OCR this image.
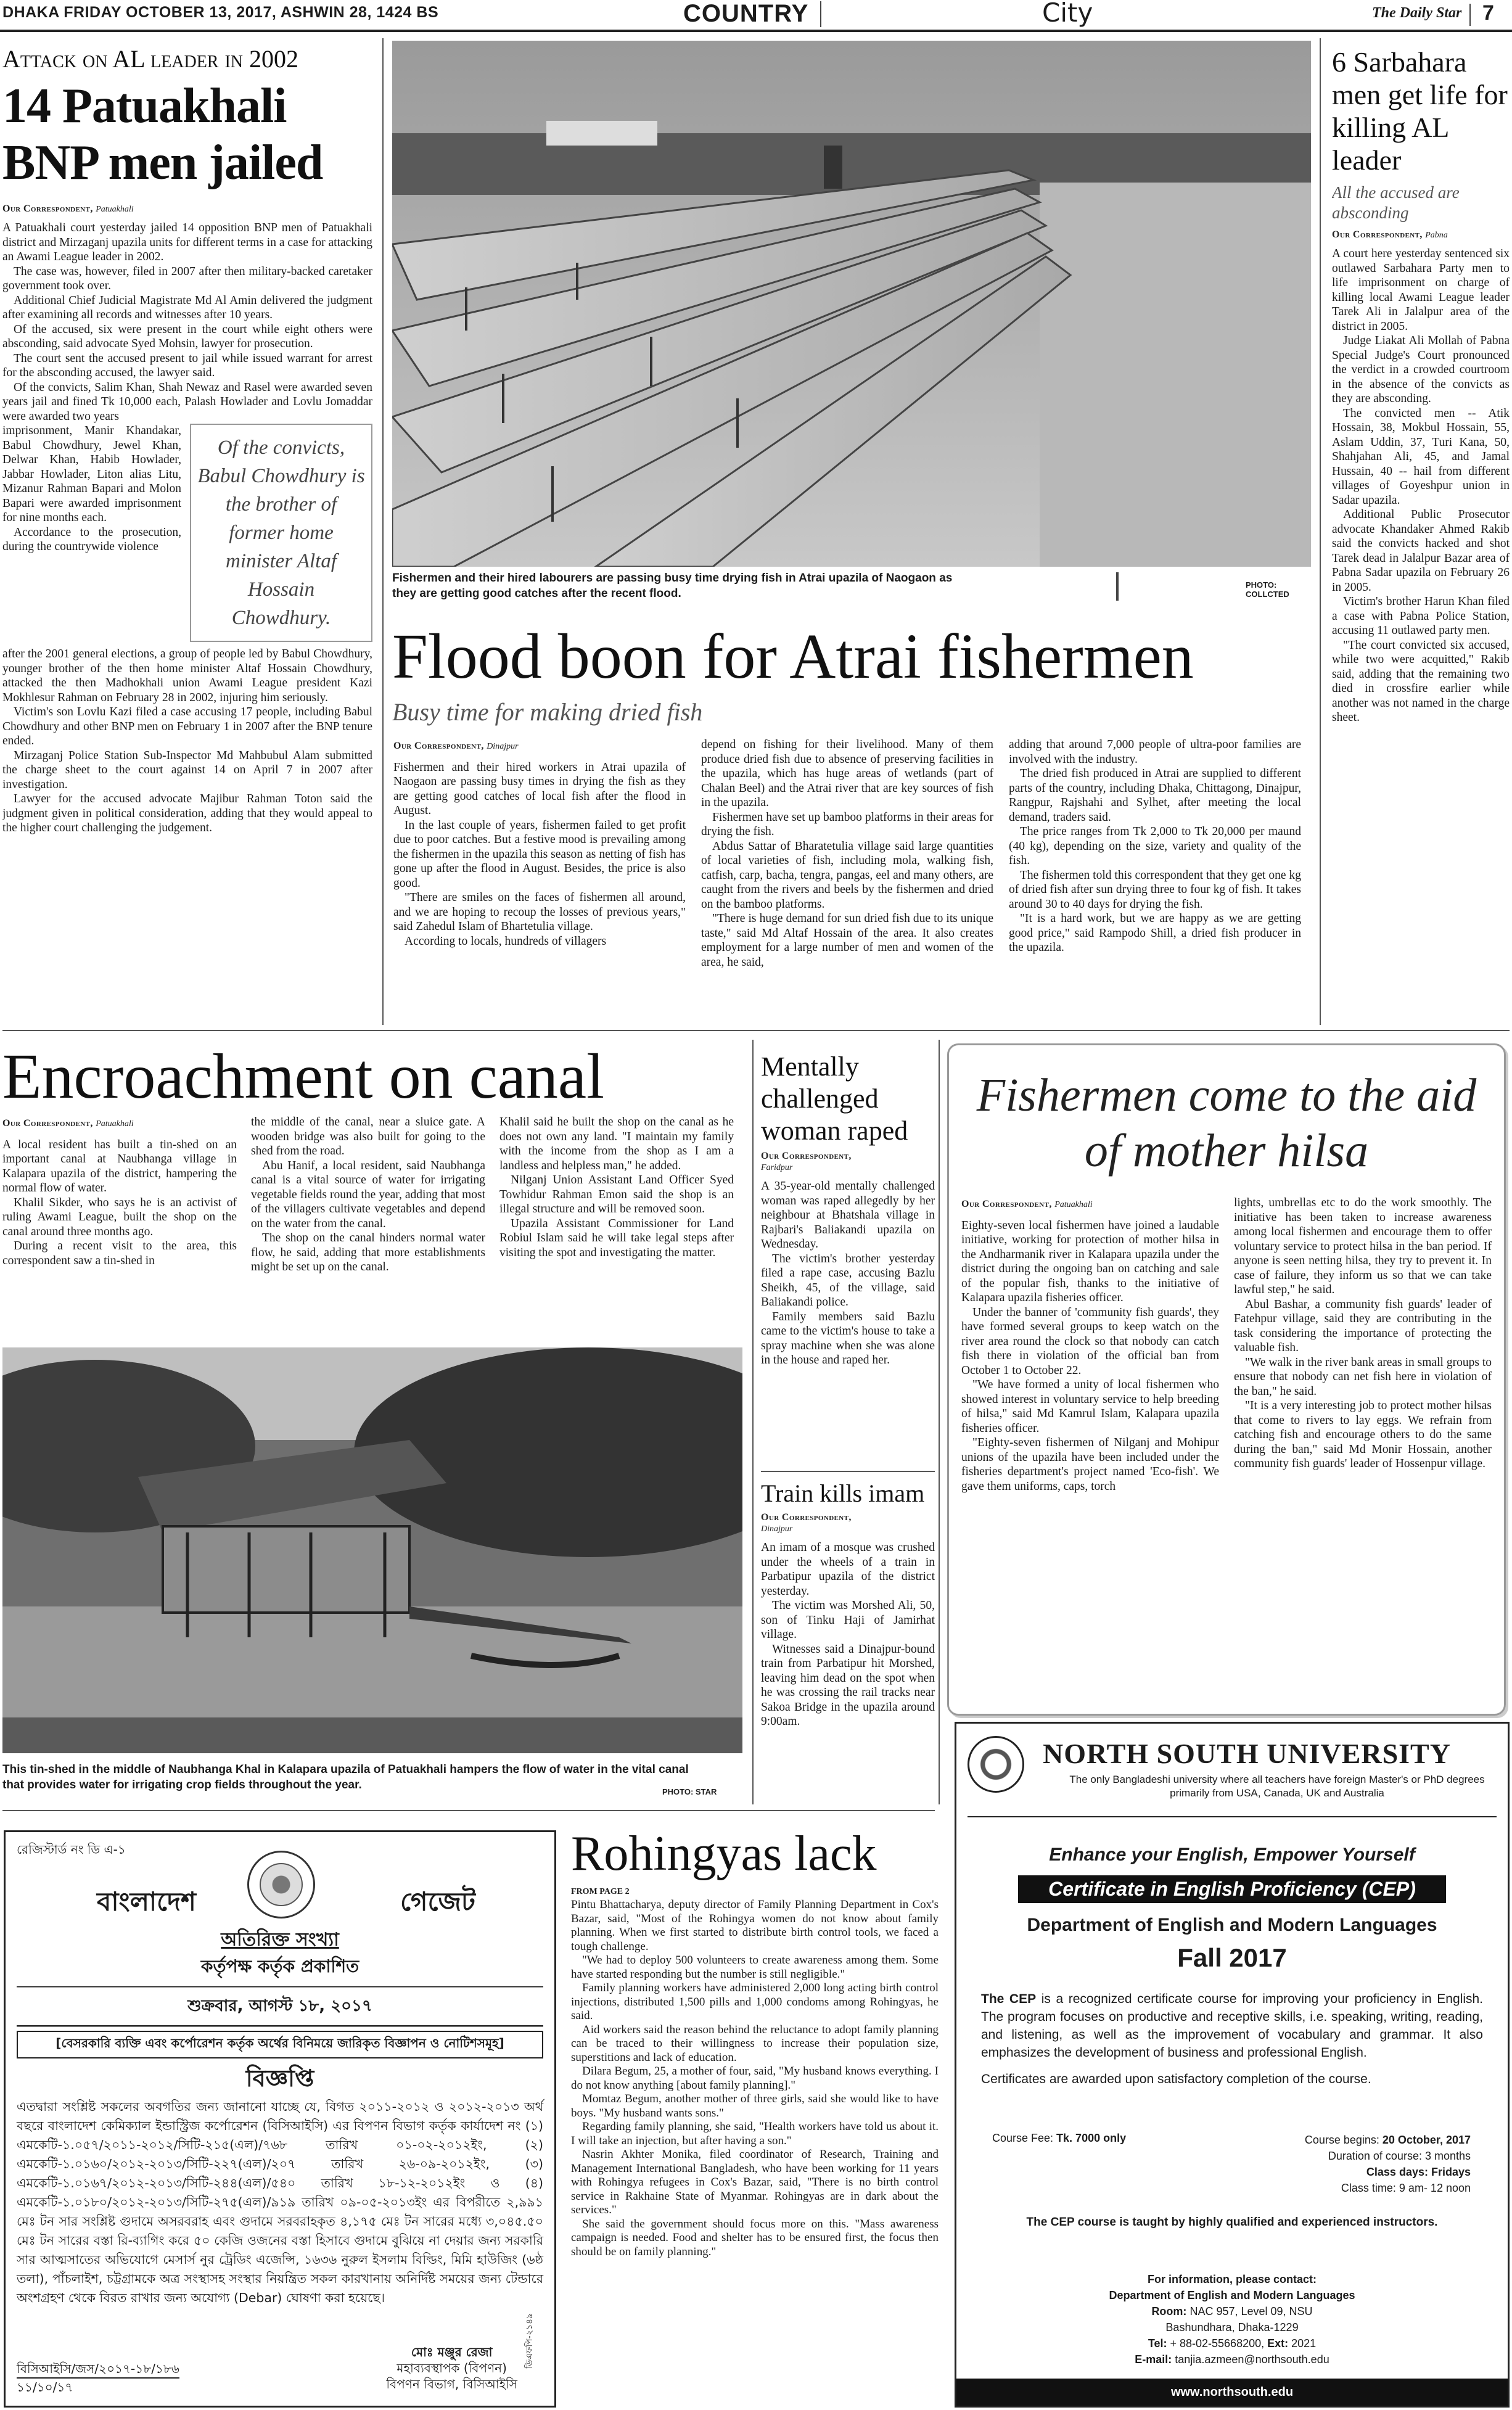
DHAKA FRIDAY OCTOBER 13, 2017, ASHWIN 28, 1424 BS	COUNTRY	City	The Daily Star 7
Attack on AL leader in 2002
14 Patuakhali BNP men jailed
Our Correspondent, Patuakhali

A Patuakhali court yesterday jailed 14 opposition BNP men of Patuakhali district and Mirzaganj upazila units for different terms in a case for attacking an Awami League leader in 2002.

The case was, however, filed in 2007 after then military-backed caretaker government took over.

Additional Chief Judicial Magistrate Md Al Amin delivered the judgment after examining all records and witnesses after 10 years.

Of the accused, six were present in the court while eight others were absconding, said advocate Syed Mohsin, lawyer for prosecution.

The court sent the accused present to jail while issued warrant for arrest for the absconding accused, the lawyer said.

Of the convicts, Salim Khan, Shah Newaz and Rasel were awarded seven years jail and fined Tk 10,000 each, Palash Howlader and Lovlu Jomaddar were awarded two years

imprisonment, Manir Khandakar, Babul Chowdhury, Jewel Khan, Delwar Khan, Habib Howlader, Jabbar Howlader, Liton alias Litu, Mizanur Rahman Bapari and Molon Bapari were awarded imprisonment for nine months each.

Accordance to the prosecution, during the countrywide violence

Of the convicts, Babul Chowdhury is the brother of former home minister Altaf Hossain Chowdhury.

after the 2001 general elections, a group of people led by Babul Chowdhury, younger brother of the then home minister Altaf Hossain Chowdhury, attacked the then Madhokhali union Awami League president Kazi Mokhlesur Rahman on February 28 in 2002, injuring him seriously.

Victim's son Lovlu Kazi filed a case accusing 17 people, including Babul Chowdhury and other BNP men on February 1 in 2007 after the BNP tenure ended.

Mirzaganj Police Station Sub-Inspector Md Mahbubul Alam submitted the charge sheet to the court against 14 on April 7 in 2007 after investigation.

Lawyer for the accused advocate Majibur Rahman Toton said the judgment given in political consideration, adding that they would appeal to the higher court challenging the judgement.

Fishermen and their hired labourers are passing busy time drying fish in Atrai upazila of Naogaon as they are getting good catches after the recent flood.
PHOTO: COLLCTED
Flood boon for Atrai fishermen
Busy time for making dried fish
Our Correspondent, Dinajpur

Fishermen and their hired workers in Atrai upazila of Naogaon are passing busy times in drying the fish as they are getting good catches of local fish after the flood in August.

In the last couple of years, fishermen failed to get profit due to poor catches. But a festive mood is prevailing among the fishermen in the upazila this season as netting of fish has gone up after the flood in August. Besides, the price is also good.

"There are smiles on the faces of fishermen all around, and we are hoping to recoup the losses of previous years," said Zahedul Islam of Bhartetulia village.

According to locals, hundreds of villagers

depend on fishing for their livelihood. Many of them produce dried fish due to absence of preserving facilities in the upazila, which has huge areas of wetlands (part of Chalan Beel) and the Atrai river that are key sources of fish in the upazila.

Fishermen have set up bamboo platforms in their areas for drying the fish.

Abdus Sattar of Bharatetulia village said large quantities of local varieties of fish, including mola, walking fish, catfish, carp, bacha, tengra, pangas, eel and many others, are caught from the rivers and beels by the fishermen and dried on the bamboo platforms.

"There is huge demand for sun dried fish due to its unique taste," said Md Altaf Hossain of the area. It also creates employment for a large number of men and women of the area, he said,

adding that around 7,000 people of ultra-poor families are involved with the industry.

The dried fish produced in Atrai are supplied to different parts of the country, including Dhaka, Chittagong, Dinajpur, Rangpur, Rajshahi and Sylhet, after meeting the local demand, traders said.

The price ranges from Tk 2,000 to Tk 20,000 per maund (40 kg), depending on the size, variety and quality of the fish.

The fishermen told this correspondent that they get one kg of dried fish after sun drying three to four kg of fish. It takes around 30 to 40 days for drying the fish.

"It is a hard work, but we are happy as we are getting good price," said Rampodo Shill, a dried fish producer in the upazila.

6 Sarbahara men get life for killing AL leader
All the accused are absconding
Our Correspondent, Pabna

A court here yesterday sentenced six outlawed Sarbahara Party men to life imprisonment on charge of killing local Awami League leader Tarek Ali in Jalalpur area of the district in 2005.

Judge Liakat Ali Mollah of Pabna Special Judge's Court pronounced the verdict in a crowded courtroom in the absence of the convicts as they are absconding.

The convicted men -- Atik Hossain, 38, Mokbul Hossain, 55, Aslam Uddin, 37, Turi Kana, 50, Shahjahan Ali, 45, and Jamal Hussain, 40 -- hail from different villages of Goyeshpur union in Sadar upazila.

Additional Public Prosecutor advocate Khandaker Ahmed Rakib said the convicts hacked and shot Tarek dead in Jalalpur Bazar area of Pabna Sadar upazila on February 26 in 2005.

Victim's brother Harun Khan filed a case with Pabna Police Station, accusing 11 outlawed party men.

"The court convicted six accused, while two were acquitted," Rakib said, adding that the remaining two died in crossfire earlier while another was not named in the charge sheet.

Encroachment on canal
Our Correspondent, Patuakhali

A local resident has built a tin-shed on an important canal at Naubhanga village in Kalapara upazila of the district, hampering the normal flow of water.

Khalil Sikder, who says he is an activist of ruling Awami League, built the shop on the canal around three months ago.

During a recent visit to the area, this correspondent saw a tin-shed in

the middle of the canal, near a sluice gate. A wooden bridge was also built for going to the shed from the road.

Abu Hanif, a local resident, said Naubhanga canal is a vital source of water for irrigating vegetable fields round the year, adding that most of the villagers cultivate vegetables and depend on the water from the canal.

The shop on the canal hinders normal water flow, he said, adding that more establishments might be set up on the canal.

Khalil said he built the shop on the canal as he does not own any land. "I maintain my family with the income from the shop as I am a landless and helpless man," he added.

Nilganj Union Assistant Land Officer Syed Towhidur Rahman Emon said the shop is an illegal structure and will be removed soon.

Upazila Assistant Commissioner for Land Robiul Islam said he will take legal steps after visiting the spot and investigating the matter.

This tin-shed in the middle of Naubhanga Khal in Kalapara upazila of Patuakhali hampers the flow of water in the vital canal that provides water for irrigating crop fields throughout the year.
PHOTO: STAR
Mentally challenged woman raped
Our Correspondent,
Faridpur

A 35-year-old mentally challenged woman was raped allegedly by her neighbour at Bhatshala village in Rajbari's Baliakandi upazila on Wednesday.

The victim's brother yesterday filed a rape case, accusing Bazlu Sheikh, 45, of the village, said Baliakandi police.

Family members said Bazlu came to the victim's house to take a spray machine when she was alone in the house and raped her.

Train kills imam
Our Correspondent,
Dinajpur

An imam of a mosque was crushed under the wheels of a train in Parbatipur upazila of the district yesterday.

The victim was Morshed Ali, 50, son of Tinku Haji of Jamirhat village.

Witnesses said a Dinajpur-bound train from Parbatipur hit Morshed, leaving him dead on the spot when he was crossing the rail tracks near Sakoa Bridge in the upazila around 9:00am.

Fishermen come to the aid of mother hilsa
Our Correspondent, Patuakhali

Eighty-seven local fishermen have joined a laudable initiative, working for protection of mother hilsa in the Andharmanik river in Kalapara upazila under the district during the ongoing ban on catching and sale of the popular fish, thanks to the initiative of Kalapara upazila fisheries officer.

Under the banner of 'community fish guards', they have formed several groups to keep watch on the river area round the clock so that nobody can catch fish there in violation of the official ban from October 1 to October 22.

"We have formed a unity of local fishermen who showed interest in voluntary service to help breeding of hilsa," said Md Kamrul Islam, Kalapara upazila fisheries officer.

"Eighty-seven fishermen of Nilganj and Mohipur unions of the upazila have been included under the fisheries department's project named 'Eco-fish'. We gave them uniforms, caps, torch

lights, umbrellas etc to do the work smoothly. The initiative has been taken to increase awareness among local fishermen and encourage them to offer voluntary service to protect hilsa in the ban period. If anyone is seen netting hilsa, they try to prevent it. In case of failure, they inform us so that we can take lawful step," he said.

Abul Bashar, a community fish guards' leader of Fatehpur village, said they are contributing in the task considering the importance of protecting the valuable fish.

"We walk in the river bank areas in small groups to ensure that nobody can net fish here in violation of the ban," he said.

"It is a very interesting job to protect mother hilsas that come to rivers to lay eggs. We refrain from catching fish and encourage others to do the same during the ban," said Md Monir Hossain, another community fish guards' leader of Hossenpur village.

রেজিস্টার্ড নং ডি এ-১
বাংলাদেশ	গেজেট
অতিরিক্ত সংখ্যা
কর্তৃপক্ষ কর্তৃক প্রকাশিত
শুক্রবার, আগস্ট ১৮, ২০১৭
[বেসরকারি ব্যক্তি এবং কর্পোরেশন কর্তৃক অর্থের বিনিময়ে জারিকৃত বিজ্ঞাপন ও নোটিশসমূহ]
বিজ্ঞপ্তি
এতদ্বারা সংশ্লিষ্ট সকলের অবগতির জন্য জানানো যাচ্ছে যে, বিগত ২০১১-২০১২ ও ২০১২-২০১৩ অর্থ বছরে বাংলাদেশ কেমিক্যাল ইন্ডাস্ট্রিজ কর্পোরেশন (বিসিআইসি) এর বিপণন বিভাগ কর্তৃক কার্যাদেশ নং (১) এমকেটি-১.০৫৭/২০১১-২০১২/সিটি-২১৫(এল)/৭৬৮ তারিখ ০১-০২-২০১২ইং, (২) এমকেটি-১.০১৬০/২০১২-২০১৩/সিটি-২২৭(এল)/২০৭ তারিখ ২৬-০৯-২০১২ইং, (৩) এমকেটি-১.০১৬৭/২০১২-২০১৩/সিটি-২৪৪(এল)/৫৪০ তারিখ ১৮-১২-২০১২ইং ও (৪) এমকেটি-১.০১৮০/২০১২-২০১৩/সিটি-২৭৫(এল)/৯১৯ তারিখ ০৯-০৫-২০১৩ইং এর বিপরীতে ২,৯৯১ মেঃ টন সার সংশ্লিষ্ট গুদামে অসরবরাহ এবং গুদামে সরবরাহকৃত ৪,১৭৫ মেঃ টন সারের মধ্যে ৩,০৪৫.৫০ মেঃ টন সারের বস্তা রি-ব্যাগিং করে ৫০ কেজি ওজনের বস্তা হিসাবে গুদামে বুঝিয়ে না দেয়ার জন্য সরকারি সার আত্মসাতের অভিযোগে মেসার্স নুর ট্রেডিং এজেন্সি, ১৬৩৬ নুরুল ইসলাম বিল্ডিং, মিমি হাউজিং (৬ষ্ঠ তলা), পাঁচলাইশ, চট্টগ্রামকে অত্র সংস্থাসহ সংস্থার নিয়ন্ত্রিত সকল কারখানায় অনির্দিষ্ট সময়ের জন্য টেন্ডারে অংশগ্রহণ থেকে বিরত রাখার জন্য অযোগ্য (Debar) ঘোষণা করা হয়েছে।
মোঃ মঞ্জুর রেজা
মহাব্যবস্থাপক (বিপণন)
বিপণন বিভাগ, বিসিআইসি
বিসিআইসি/জস/২০১৭-১৮/১৮৬
১১/১০/১৭
ডিএফপি-২১৪৯
Rohingyas lack
FROM PAGE 2

Pintu Bhattacharya, deputy director of Family Planning Department in Cox's Bazar, said, "Most of the Rohingya women do not know about family planning. When we first started to distribute birth control tools, we faced a tough challenge.

"We had to deploy 500 volunteers to create awareness among them. Some have started responding but the number is still negligible."

Family planning workers have administered 2,000 long acting birth control injections, distributed 1,500 pills and 1,000 condoms among Rohingyas, he said.

Aid workers said the reason behind the reluctance to adopt family planning can be traced to their willingness to increase their population size, superstitions and lack of education.

Dilara Begum, 25, a mother of four, said, "My husband knows everything. I do not know anything [about family planning]."

Momtaz Begum, another mother of three girls, said she would like to have boys. "My husband wants sons."

Regarding family planning, she said, "Health workers have told us about it. I will take an injection, but after having a son."

Nasrin Akhter Monika, filed coordinator of Research, Training and Management International Bangladesh, who have been working for 11 years with Rohingya refugees in Cox's Bazar, said, "There is no birth control service in Rakhaine State of Myanmar. Rohingyas are in dark about the services."

She said the government should focus more on this. "Mass awareness campaign is needed. Food and shelter has to be ensured first, the focus then should be on family planning."

NORTH SOUTH UNIVERSITY
The only Bangladeshi university where all teachers have foreign Master's or PhD degrees primarily from USA, Canada, UK and Australia
Enhance your English, Empower Yourself
Certificate in English Proficiency (CEP)
Department of English and Modern Languages
Fall 2017
The CEP is a recognized certificate course for improving your proficiency in English. The program focuses on productive and receptive skills, i.e. speaking, writing, reading, and listening, as well as the improvement of vocabulary and grammar. It also emphasizes the development of business and professional English.
Certificates are awarded upon satisfactory completion of the course.
Course Fee: Tk. 7000 only	Course begins: 20 October, 2017
Duration of course: 3 months
Class days: Fridays
Class time: 9 am- 12 noon
The CEP course is taught by highly qualified and experienced instructors.
For information, please contact:
Department of English and Modern Languages
Room: NAC 957, Level 09, NSU
Bashundhara, Dhaka-1229
Tel: + 88-02-55668200, Ext: 2021
E-mail: tanjia.azmeen@northsouth.edu
www.northsouth.edu
